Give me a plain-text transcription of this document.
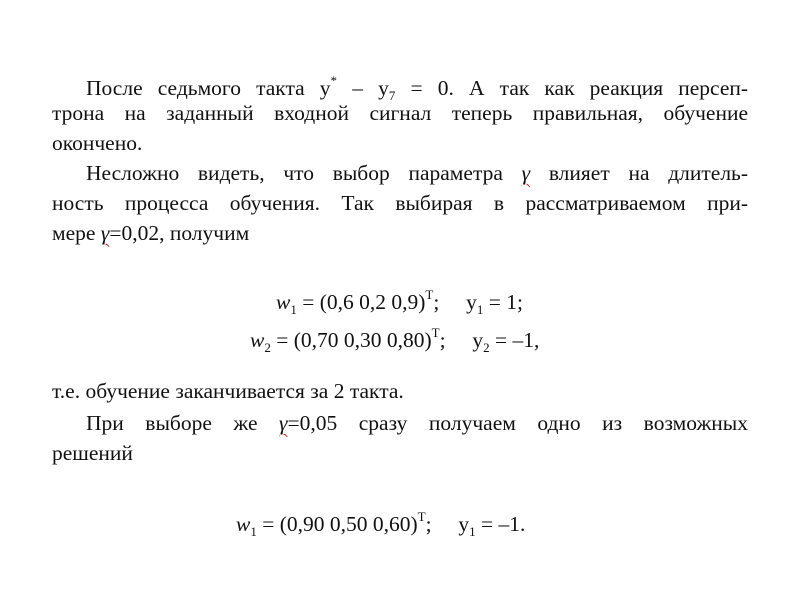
После седьмого такта $y^* - y_7 = 0$. А так как реакция персеп-
трона на заданный входной сигнал теперь правильная, обучение
окончено.
Несложно видеть, что выбор параметра γ влияет на длитель-
ность процесса обучения. Так выбирая в рассматриваемом при-
мере γ=0,02, получим
$w_1 = (0,6$ 0,2 0,9)$^T$; $y_1 = 1$;
$w_2 = (0,70$ 0,30 0,80)$^T$; $y_2 = -1$,
т.е. обучение заканчивается за 2 такта.
При выборе же γ=0,05 сразу получаем одно из возможных
решений
$w_1 = (0,90$ 0,50 0,60)$^T$; $y_1 = -1$.
